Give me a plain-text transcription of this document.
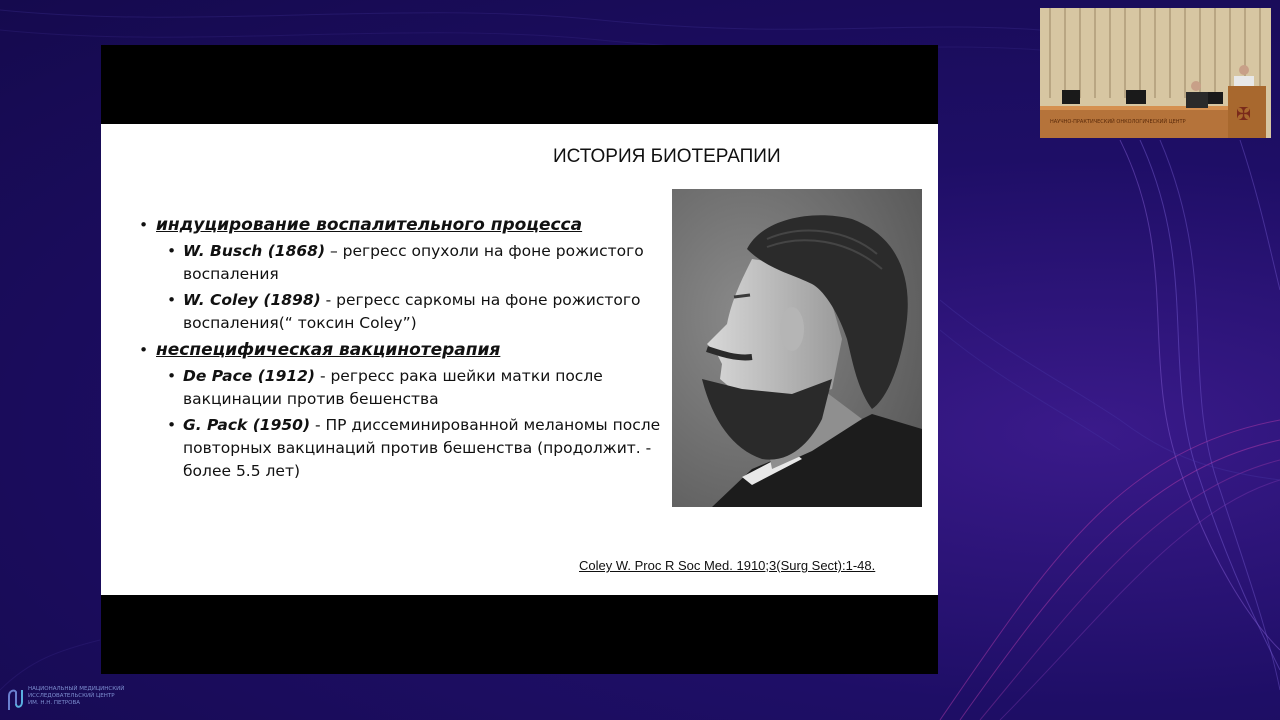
ИСТОРИЯ БИОТЕРАПИИ
• индуцирование воспалительного процесса
• W. Busch (1868) – регресс опухоли на фоне рожистого воспаления
• W. Coley (1898) - регресс саркомы на фоне рожистого воспаления(“ токсин Coley”)
• неспецифическая вакцинотерапия
• De Pace (1912) - регресс рака шейки матки после вакцинации против бешенства
• G. Pack (1950) - ПР диссеминированной меланомы после повторных вакцинаций против бешенства (продолжит. - более 5.5 лет)
Coley W. Proc R Soc Med. 1910;3(Surg Sect):1-48.
НАУЧНО-ПРАКТИЧЕСКИЙ ОНКОЛОГИЧЕСКИЙ ЦЕНТР	✠
НАЦИОНАЛЬНЫЙ МЕДИЦИНСКИЙ
ИССЛЕДОВАТЕЛЬСКИЙ ЦЕНТР
ИМ. Н.Н. ПЕТРОВА
